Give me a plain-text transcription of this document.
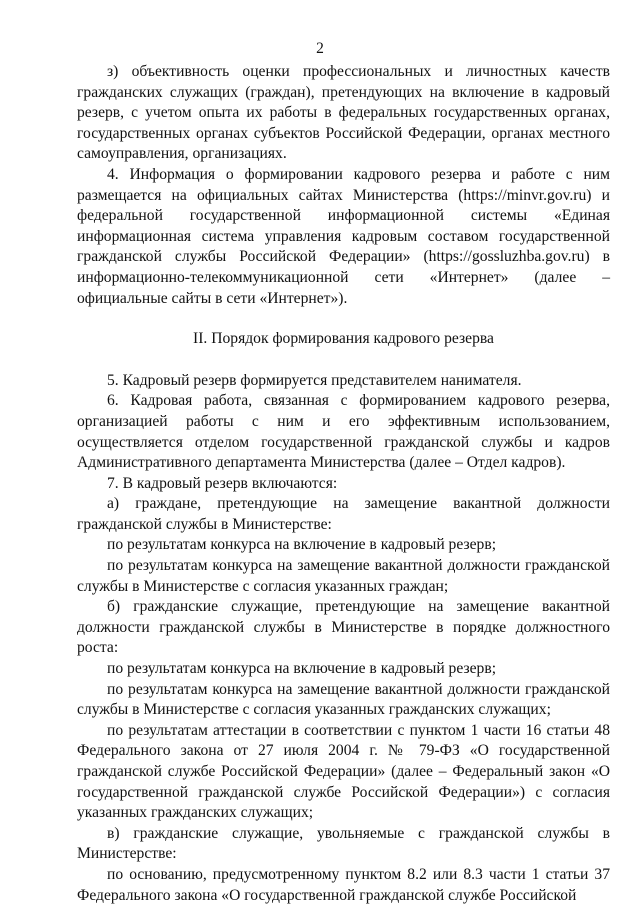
2

з) объективность оценки профессиональных и личностных качеств гражданских служащих (граждан), претендующих на включение в кадровый резерв, с учетом опыта их работы в федеральных государственных органах, государственных органах субъектов Российской Федерации, органах местного самоуправления, организациях.

4. Информация о формировании кадрового резерва и работе с ним размещается на официальных сайтах Министерства (https://minvr.gov.ru) и федеральной государственной информационной системы «Единая информационная система управления кадровым составом государственной гражданской службы Российской Федерации» (https://gossluzhba.gov.ru) в информационно-телекоммуникационной сети «Интернет» (далее – официальные сайты в сети «Интернет»).

II. Порядок формирования кадрового резерва

5. Кадровый резерв формируется представителем нанимателя.

6. Кадровая работа, связанная с формированием кадрового резерва, организацией работы с ним и его эффективным использованием, осуществляется отделом государственной гражданской службы и кадров Административного департамента Министерства (далее – Отдел кадров).

7. В кадровый резерв включаются:

а) граждане, претендующие на замещение вакантной должности гражданской службы в Министерстве:

по результатам конкурса на включение в кадровый резерв;

по результатам конкурса на замещение вакантной должности гражданской службы в Министерстве с согласия указанных граждан;

б) гражданские служащие, претендующие на замещение вакантной должности гражданской службы в Министерстве в порядке должностного роста:

по результатам конкурса на включение в кадровый резерв;

по результатам конкурса на замещение вакантной должности гражданской службы в Министерстве с согласия указанных гражданских служащих;

по результатам аттестации в соответствии с пунктом 1 части 16 статьи 48 Федерального закона от 27 июля 2004 г. № 79-ФЗ «О государственной гражданской службе Российской Федерации» (далее – Федеральный закон «О государственной гражданской службе Российской Федерации») с согласия указанных гражданских служащих;

в) гражданские служащие, увольняемые с гражданской службы в Министерстве:

по основанию, предусмотренному пунктом 8.2 или 8.3 части 1 статьи 37 Федерального закона «О государственной гражданской службе Российской
